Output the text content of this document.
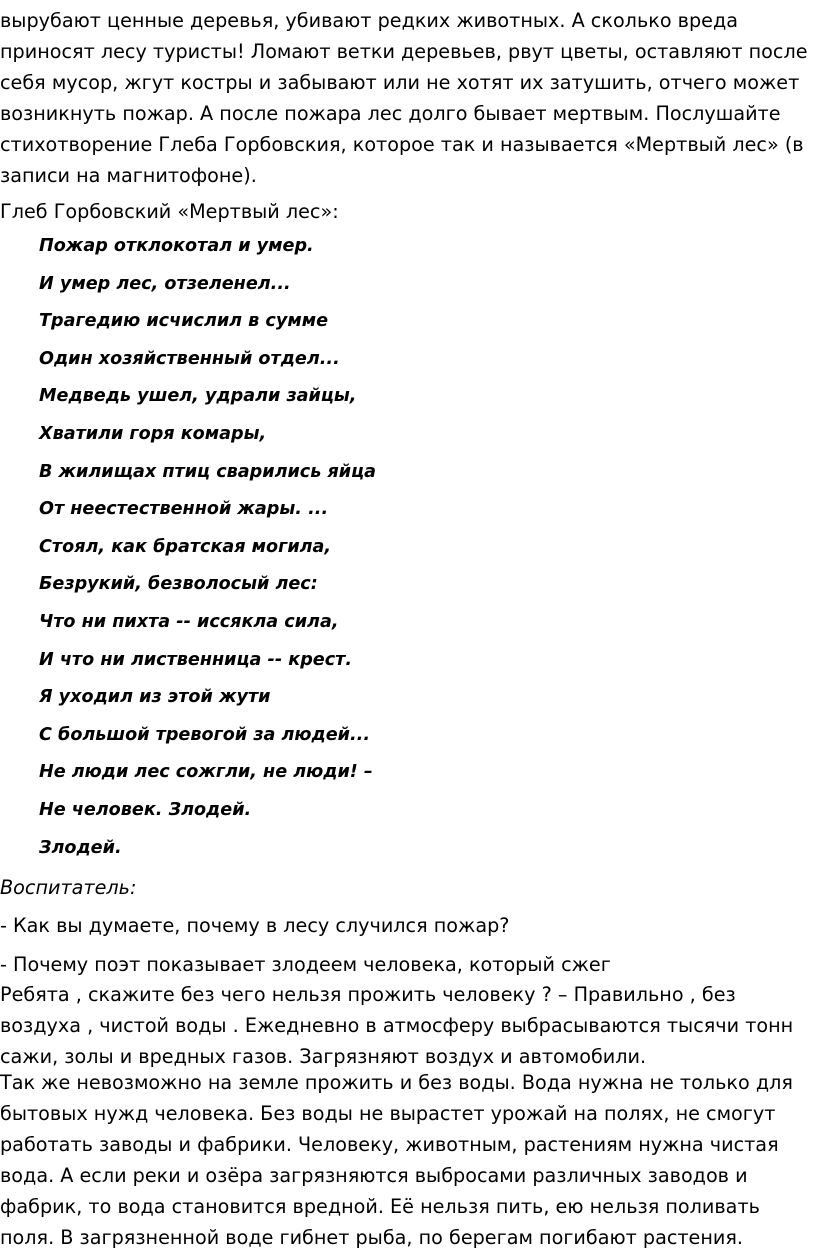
вырубают ценные деревья, убивают редких животных. А сколько вреда
приносят лесу туристы! Ломают ветки деревьев, рвут цветы, оставляют после
себя мусор, жгут костры и забывают или не хотят их затушить, отчего может
возникнуть пожар. А после пожара лес долго бывает мертвым. Послушайте
стихотворение Глеба Горбовския, которое так и называется «Мертвый лес» (в
записи на магнитофоне).

Глеб Горбовский «Мертвый лес»:

Пожар отклокотал и умер.
И умер лес, отзеленел...
Трагедию исчислил в сумме
Один хозяйственный отдел...
Медведь ушел, удрали зайцы,
Хватили горя комары,
В жилищах птиц сварились яйца
От неестественной жары. ...
Стоял, как братская могила,
Безрукий, безволосый лес:
Что ни пихта -- иссякла сила,
И что ни лиственница -- крест.
Я уходил из этой жути
С большой тревогой за людей...
Не люди лес сожгли, не люди! –
Не человек. Злодей.
Злодей.

Воспитатель:

- Как вы думаете, почему в лесу случился пожар?

- Почему поэт показывает злодеем человека, который сжег

Ребята , скажите без чего нельзя прожить человеку ? – Правильно , без
воздуха , чистой воды . Ежедневно в атмосферу выбрасываются тысячи тонн
сажи, золы и вредных газов. Загрязняют воздух и автомобили.

Так же невозможно на земле прожить и без воды. Вода нужна не только для
бытовых нужд человека. Без воды не вырастет урожай на полях, не смогут
работать заводы и фабрики. Человеку, животным, растениям нужна чистая
вода. А если реки и озёра загрязняются выбросами различных заводов и
фабрик, то вода становится вредной. Её нельзя пить, ею нельзя поливать
поля. В загрязненной воде гибнет рыба, по берегам погибают растения.
